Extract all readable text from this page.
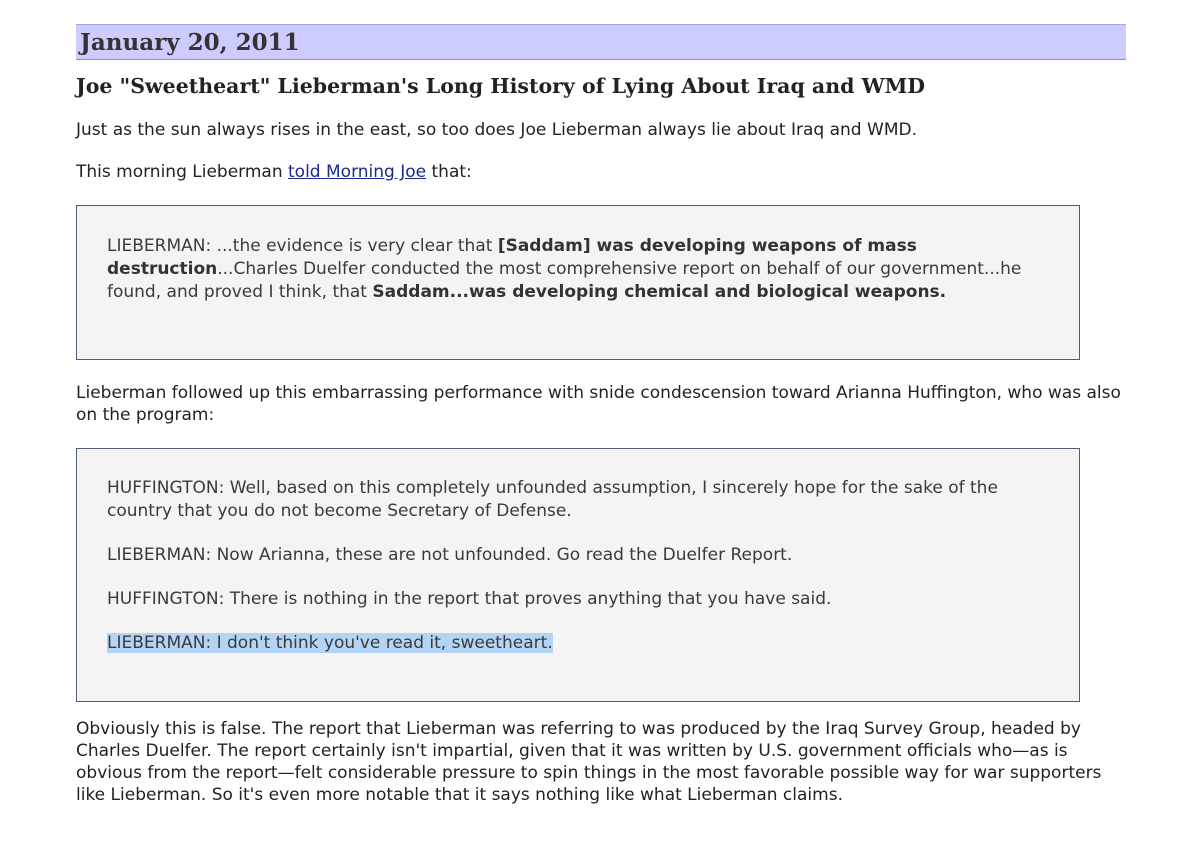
January 20, 2011
Joe "Sweetheart" Lieberman's Long History of Lying About Iraq and WMD

Just as the sun always rises in the east, so too does Joe Lieberman always lie about Iraq and WMD.

This morning Lieberman told Morning Joe that:

LIEBERMAN: ...the evidence is very clear that [Saddam] was developing weapons of mass destruction...Charles Duelfer conducted the most comprehensive report on behalf of our government...he found, and proved I think, that Saddam...was developing chemical and biological weapons.

Lieberman followed up this embarrassing performance with snide condescension toward Arianna Huffington, who was also on the program:

HUFFINGTON: Well, based on this completely unfounded assumption, I sincerely hope for the sake of the country that you do not become Secretary of Defense.

LIEBERMAN: Now Arianna, these are not unfounded. Go read the Duelfer Report.

HUFFINGTON: There is nothing in the report that proves anything that you have said.

LIEBERMAN: I don't think you've read it, sweetheart.

Obviously this is false. The report that Lieberman was referring to was produced by the Iraq Survey Group, headed by Charles Duelfer. The report certainly isn't impartial, given that it was written by U.S. government officials who—as is obvious from the report—felt considerable pressure to spin things in the most favorable possible way for war supporters like Lieberman. So it's even more notable that it says nothing like what Lieberman claims.
